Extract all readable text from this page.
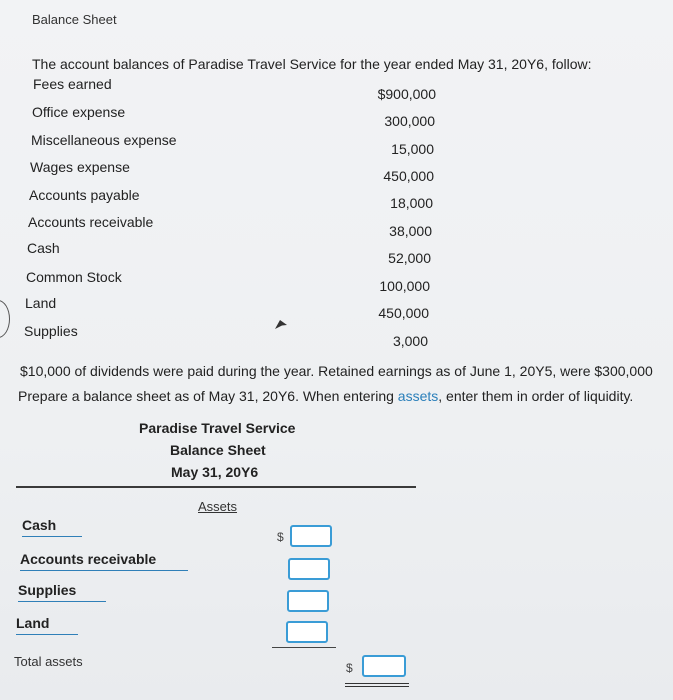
Balance Sheet
The account balances of Paradise Travel Service for the year ended May 31, 20Y6, follow:
Fees earned
Office expense
Miscellaneous expense
Wages expense
Accounts payable
Accounts receivable
Cash
Common Stock
Land
Supplies
$900,000
300,000
15,000
450,000
18,000
38,000
52,000
100,000
450,000
3,000
$10,000 of dividends were paid during the year. Retained earnings as of June 1, 20Y5, were $300,000
Prepare a balance sheet as of May 31, 20Y6. When entering assets, enter them in order of liquidity.
Paradise Travel Service
Balance Sheet
May 31, 20Y6
Assets
Cash
Accounts receivable
Supplies
Land
$
Total assets	$
